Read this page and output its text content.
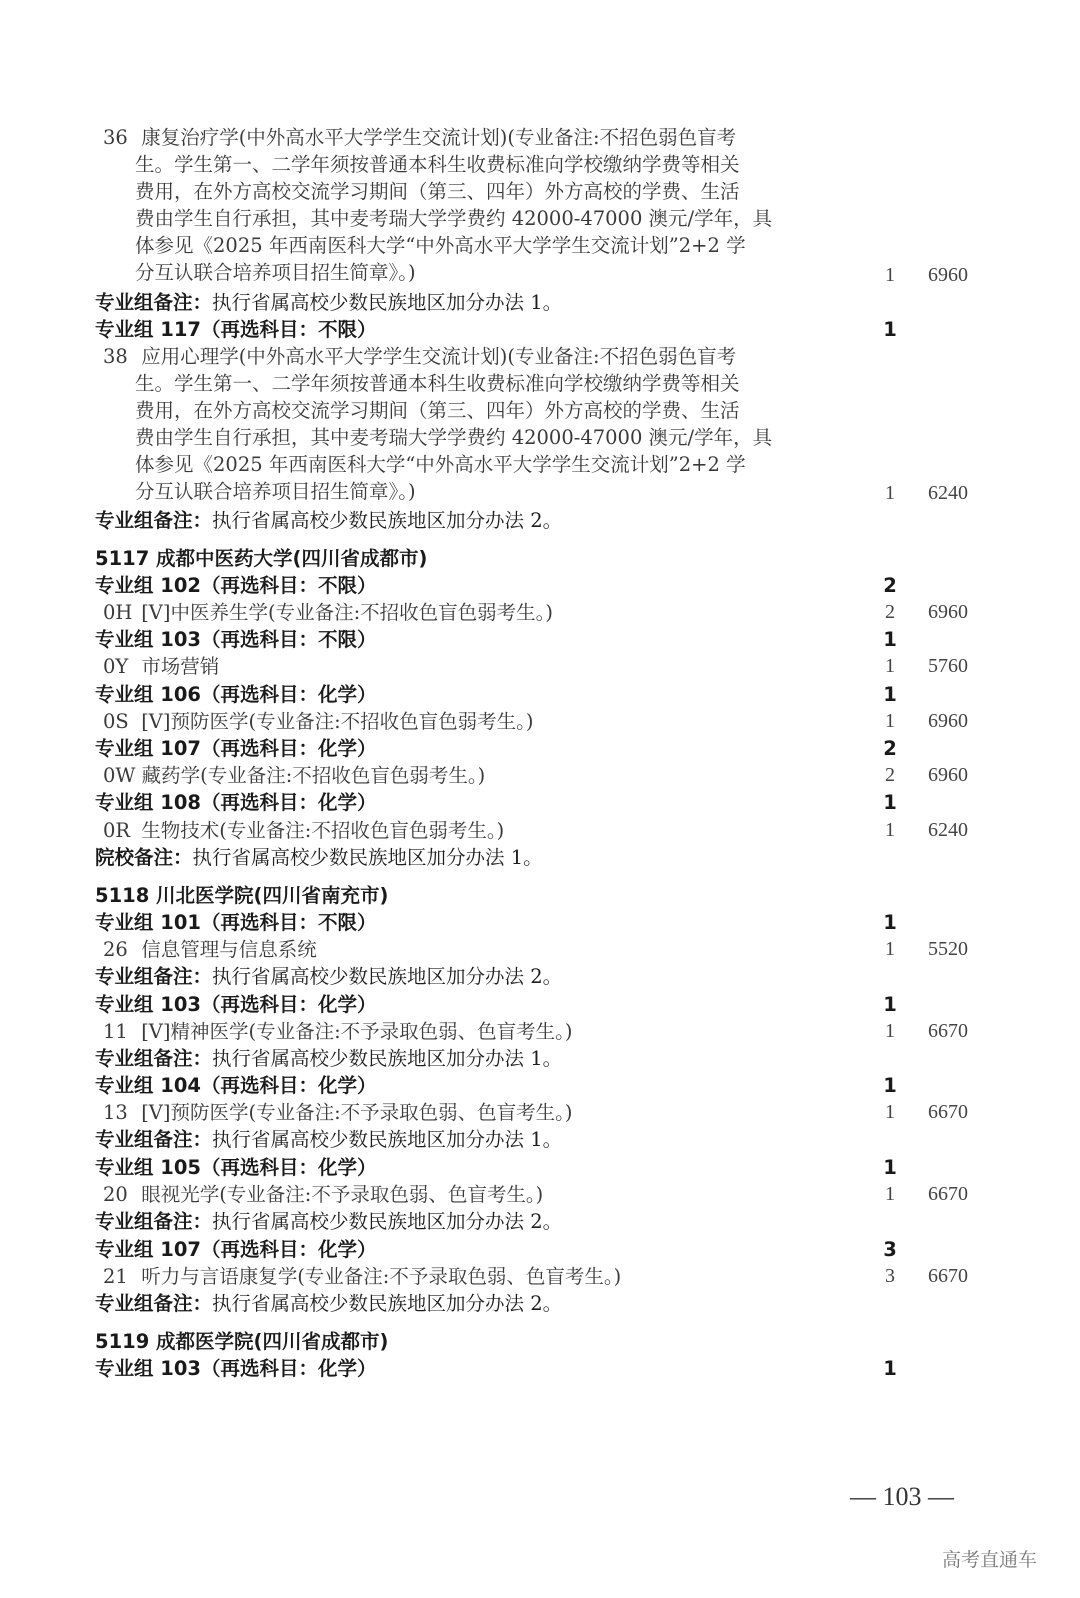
36 康复治疗学(中外高水平大学学生交流计划)(专业备注:不招色弱色盲考
生。学生第一、二学年须按普通本科生收费标准向学校缴纳学费等相关
费用，在外方高校交流学习期间（第三、四年）外方高校的学费、生活
费由学生自行承担，其中麦考瑞大学学费约 42000-47000 澳元/学年，具
体参见《2025 年西南医科大学“中外高水平大学学生交流计划”2+2 学
分互认联合培养项目招生简章》。)	1 6960
专业组备注：执行省属高校少数民族地区加分办法 1。
专业组 117（再选科目：不限）	1
38 应用心理学(中外高水平大学学生交流计划)(专业备注:不招色弱色盲考
生。学生第一、二学年须按普通本科生收费标准向学校缴纳学费等相关
费用，在外方高校交流学习期间（第三、四年）外方高校的学费、生活
费由学生自行承担，其中麦考瑞大学学费约 42000-47000 澳元/学年，具
体参见《2025 年西南医科大学“中外高水平大学学生交流计划”2+2 学
分互认联合培养项目招生简章》。)	1 6240
专业组备注：执行省属高校少数民族地区加分办法 2。
5117 成都中医药大学(四川省成都市)
专业组 102（再选科目：不限）	2
0H [V]中医养生学(专业备注:不招收色盲色弱考生。)	2 6960
专业组 103（再选科目：不限）	1
0Y 市场营销	1 5760
专业组 106（再选科目：化学）	1
0S [V]预防医学(专业备注:不招收色盲色弱考生。)	1 6960
专业组 107（再选科目：化学）	2
0W 藏药学(专业备注:不招收色盲色弱考生。)	2 6960
专业组 108（再选科目：化学）	1
0R 生物技术(专业备注:不招收色盲色弱考生。)	1 6240
院校备注：执行省属高校少数民族地区加分办法 1。
5118 川北医学院(四川省南充市)
专业组 101（再选科目：不限）	1
26 信息管理与信息系统	1 5520
专业组备注：执行省属高校少数民族地区加分办法 2。
专业组 103（再选科目：化学）	1
11 [V]精神医学(专业备注:不予录取色弱、色盲考生。)	1 6670
专业组备注：执行省属高校少数民族地区加分办法 1。
专业组 104（再选科目：化学）	1
13 [V]预防医学(专业备注:不予录取色弱、色盲考生。)	1 6670
专业组备注：执行省属高校少数民族地区加分办法 1。
专业组 105（再选科目：化学）	1
20 眼视光学(专业备注:不予录取色弱、色盲考生。)	1 6670
专业组备注：执行省属高校少数民族地区加分办法 2。
专业组 107（再选科目：化学）	3
21 听力与言语康复学(专业备注:不予录取色弱、色盲考生。)	3 6670
专业组备注：执行省属高校少数民族地区加分办法 2。
5119 成都医学院(四川省成都市)
专业组 103（再选科目：化学）	1
— 103 —
高考直通车
